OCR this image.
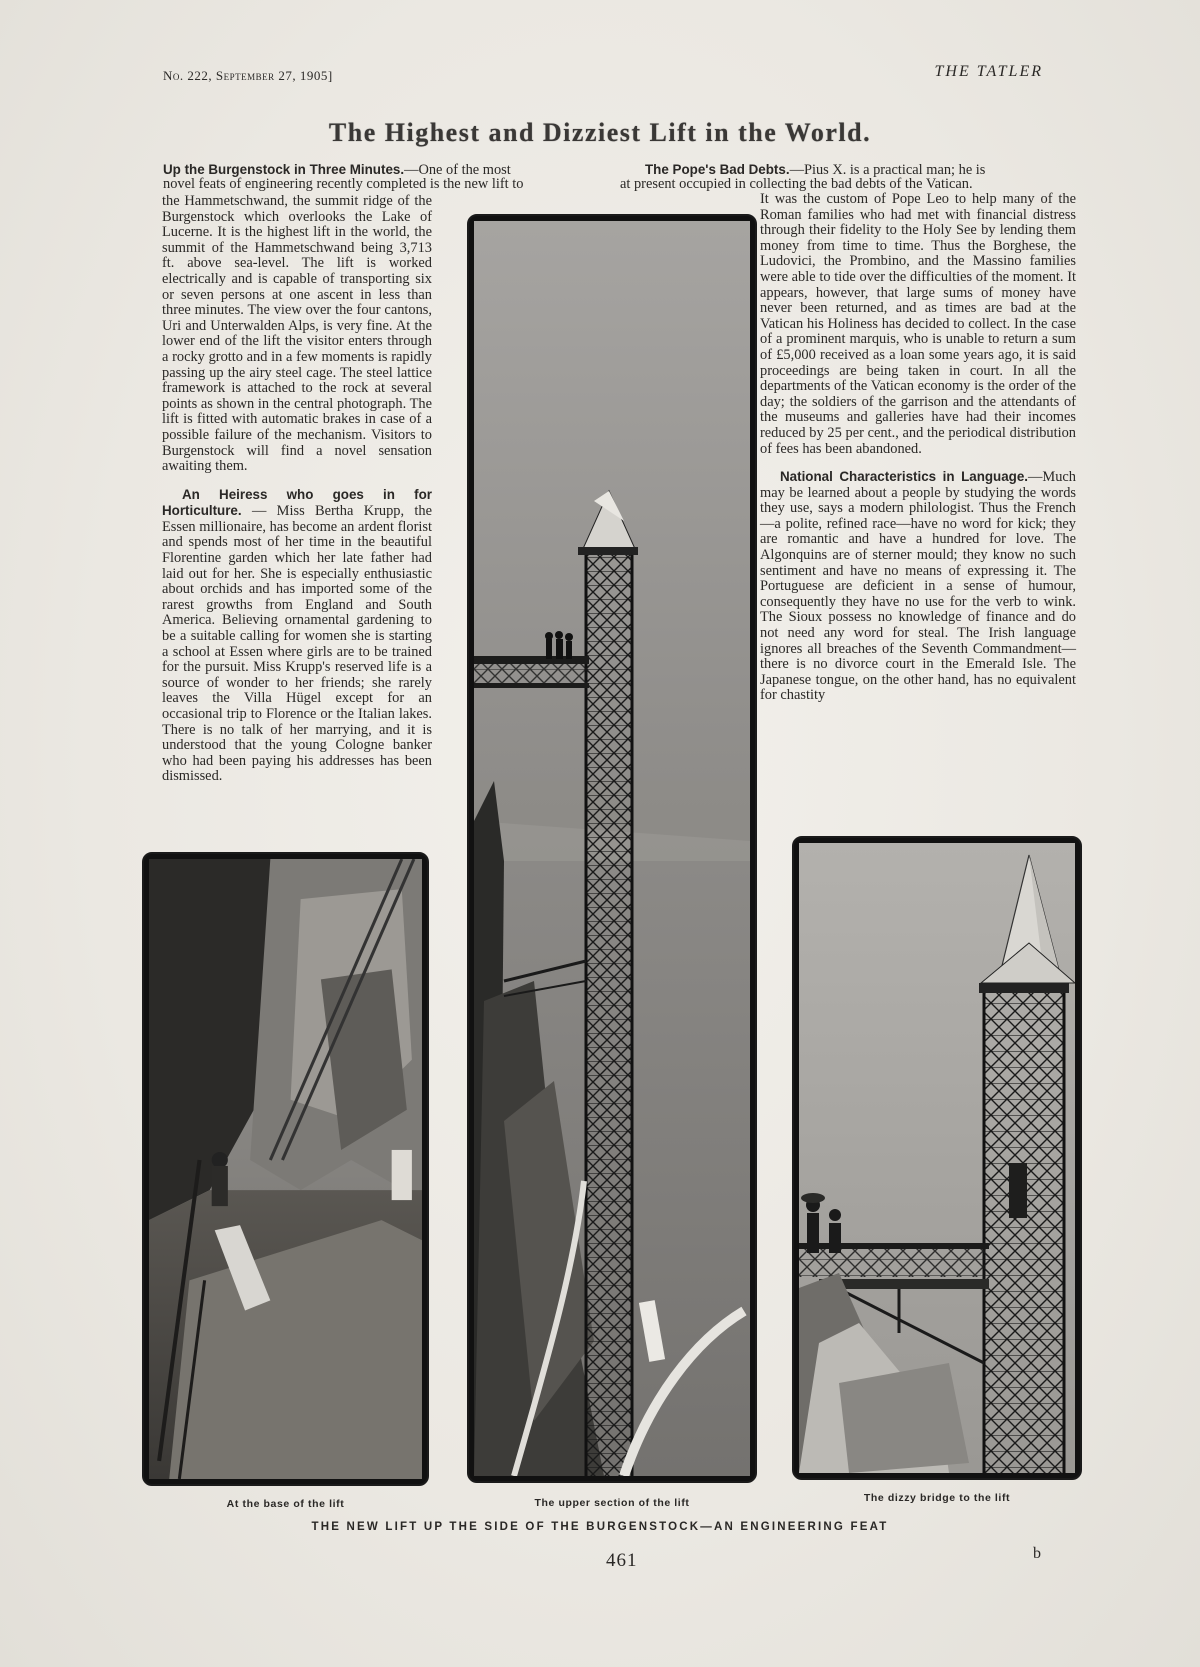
No. 222, September 27, 1905]	THE TATLER
The Highest and Dizziest Lift in the World.
Up the Burgenstock in Three Minutes.—One of the most
novel feats of engineering recently completed is the new lift to
The Pope's Bad Debts.—Pius X. is a practical man; he is
at present occupied in collecting the bad debts of the Vatican.

the Hammetschwand, the summit ridge of the Burgenstock which overlooks the Lake of Lucerne. It is the highest lift in the world, the summit of the Hammetschwand being 3,713 ft. above sea-level. The lift is worked electrically and is capable of transporting six or seven persons at one ascent in less than three minutes. The view over the four cantons, Uri and Unterwalden Alps, is very fine. At the lower end of the lift the visitor enters through a rocky grotto and in a few moments is rapidly passing up the airy steel cage. The steel lattice framework is attached to the rock at several points as shown in the central photograph. The lift is fitted with automatic brakes in case of a possible failure of the mechanism. Visitors to Burgenstock will find a novel sensation awaiting them.

An Heiress who goes in for Horticulture. — Miss Bertha Krupp, the Essen millionaire, has become an ardent florist and spends most of her time in the beautiful Florentine garden which her late father had laid out for her. She is especially enthusiastic about orchids and has imported some of the rarest growths from England and South America. Believing ornamental gardening to be a suitable calling for women she is starting a school at Essen where girls are to be trained for the pursuit. Miss Krupp's reserved life is a source of wonder to her friends; she rarely leaves the Villa Hügel except for an occasional trip to Florence or the Italian lakes. There is no talk of her marrying, and it is understood that the young Cologne banker who had been paying his addresses has been dismissed.

It was the custom of Pope Leo to help many of the Roman families who had met with financial distress through their fidelity to the Holy See by lending them money from time to time. Thus the Borghese, the Ludovici, the Prombino, and the Massino families were able to tide over the difficulties of the moment. It appears, however, that large sums of money have never been returned, and as times are bad at the Vatican his Holiness has decided to collect. In the case of a prominent marquis, who is unable to return a sum of £5,000 received as a loan some years ago, it is said proceedings are being taken in court. In all the departments of the Vatican economy is the order of the day; the soldiers of the garrison and the attendants of the museums and galleries have had their incomes reduced by 25 per cent., and the periodical distribution of fees has been abandoned.

National Characteristics in Language.—Much may be learned about a people by studying the words they use, says a modern philologist. Thus the French—a polite, refined race—have no word for kick; they are romantic and have a hundred for love. The Algonquins are of sterner mould; they know no such sentiment and have no means of expressing it. The Portuguese are deficient in a sense of humour, consequently they have no use for the verb to wink. The Sioux possess no knowledge of finance and do not need any word for steal. The Irish language ignores all breaches of the Seventh Commandment—there is no divorce court in the Emerald Isle. The Japanese tongue, on the other hand, has no equivalent for chastity

At the base of the lift	The upper section of the lift	The dizzy bridge to the lift
THE NEW LIFT UP THE SIDE OF THE BURGENSTOCK—AN ENGINEERING FEAT
461	b
